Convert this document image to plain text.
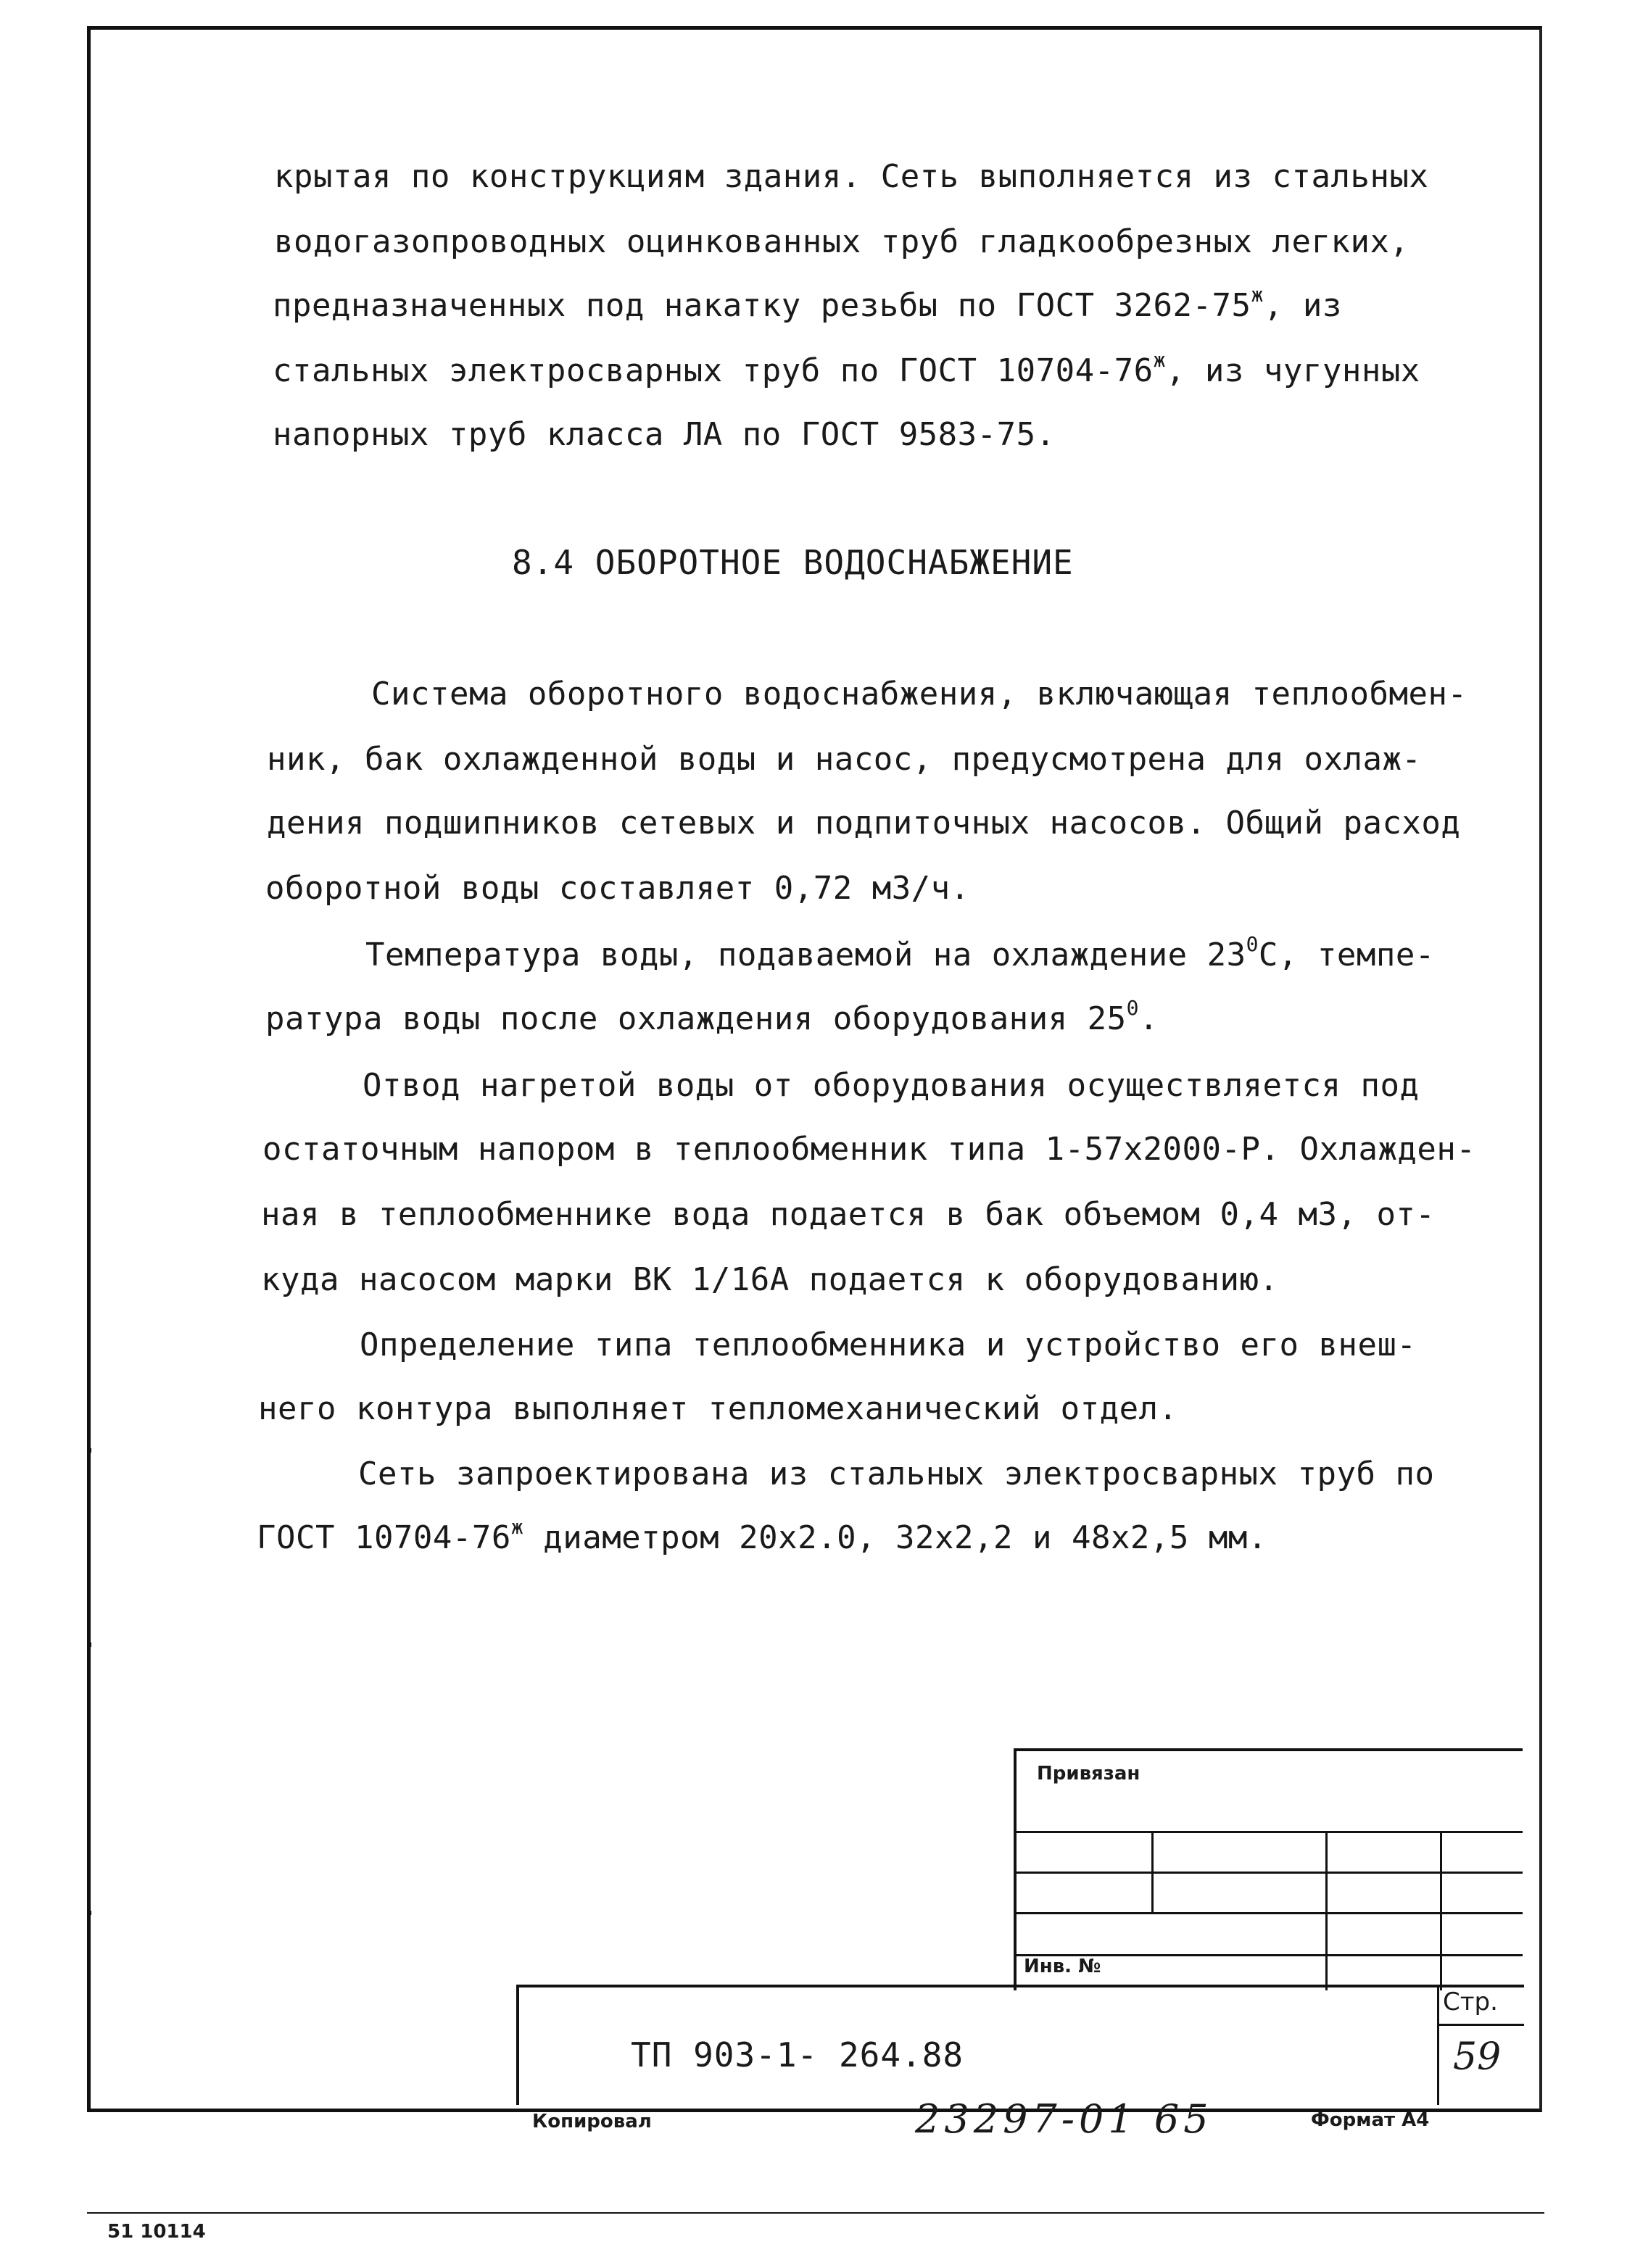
крытая по конструкциям здания. Сеть выполняется из стальных
водогазопроводных оцинкованных труб гладкообрезных легких,
предназначенных под накатку резьбы по ГОСТ $3262-75^ж$, из
стальных электросварных труб по ГОСТ $10704-76^ж$, из чугунных
напорных труб класса ЛА по ГОСТ 9583-75.
8.4 ОБОРОТНОЕ ВОДОСНАБЖЕНИЕ
Система оборотного водоснабжения, включающая теплообмен-
ник, бак охлажденной воды и насос, предусмотрена для охлаж-
дения подшипников сетевых и подпиточных насосов. Общий расход
оборотной воды составляет 0,72 м3/ч.
Температура воды, подаваемой на охлаждение $23^0С$, темпе-
ратура воды после охлаждения оборудования $25^0$.
Отвод нагретой воды от оборудования осуществляется под
остаточным напором в теплообменник типа 1-57х2000-Р. Охлажден-
ная в теплообменнике вода подается в бак объемом 0,4 м3, от-
куда насосом марки ВК 1/16А подается к оборудованию.
Определение типа теплообменника и устройство его внеш-
него контура выполняет тепломеханический отдел.
Сеть запроектирована из стальных электросварных труб по
ГОСТ $10704-76^ж$ диаметром 20х2.0, 32х2,2 и 48х2,5 мм.
Привязан
Инв. №
ТП 903-1- 264.88
Стр.
59
Копировал	23297-01 65	Формат А4
51 10114
